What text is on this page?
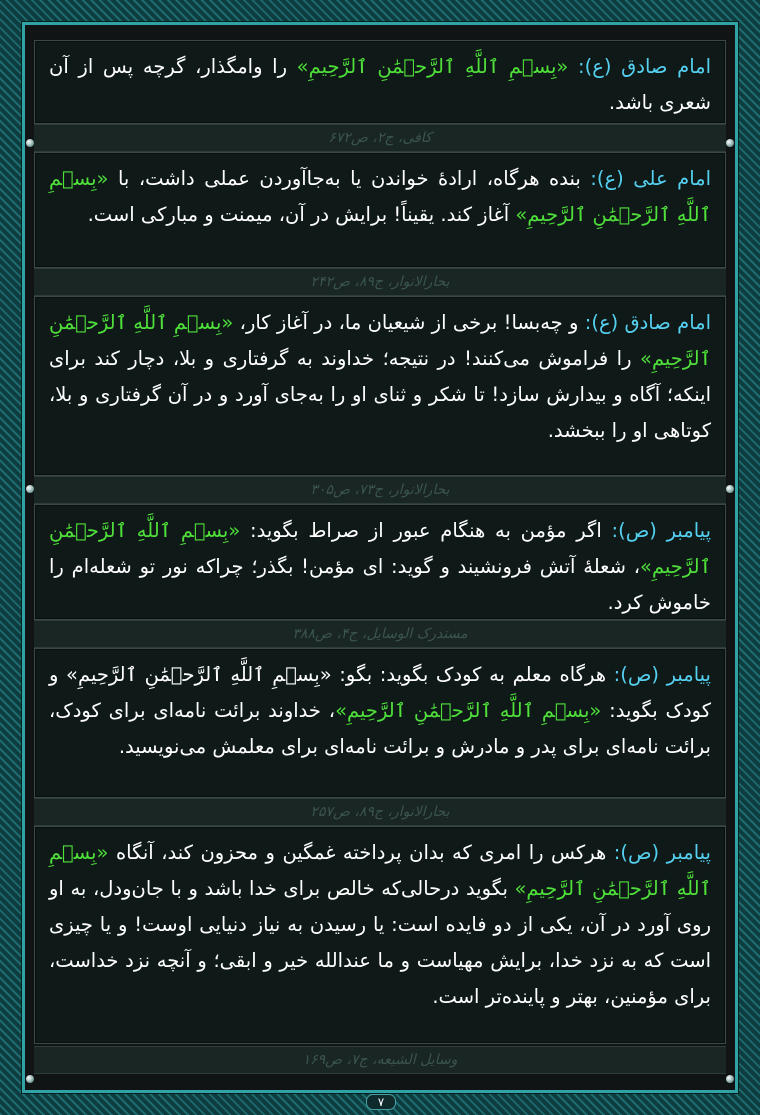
امام صادق (ع): «بِسۡمِ ٱللَّهِ ٱلرَّحۡمَٰنِ ٱلرَّحِيمِ» را وامگذار، گرچه پس از آن شعری باشد.

کافی، ج۲، ص۶۷۲

امام علی (ع): بنده هرگاه، ارادۀ خواندن یا به‌جاآوردن عملی داشت، با «بِسۡمِ ٱللَّهِ ٱلرَّحۡمَٰنِ ٱلرَّحِيمِ» آغاز کند. یقیناً! برایش در آن، میمنت و مبارکی است.

بحارالانوار، ج۸۹، ص۲۴۲

امام صادق (ع): و چه‌بسا! برخی از شیعیان ما، در آغاز کار، «بِسۡمِ ٱللَّهِ ٱلرَّحۡمَٰنِ ٱلرَّحِيمِ» را فراموش می‌کنند! در نتیجه؛ خداوند به گرفتاری و بلا، دچار کند برای اینکه؛ آگاه و بیدارش سازد! تا شکر و ثنای او را به‌جای آورد و در آن گرفتاری و بلا، کوتاهی او را ببخشد.

بحارالانوار، ج۷۳، ص۳۰۵

پیامبر (ص): اگر مؤمن به هنگام عبور از صراط بگوید: «بِسۡمِ ٱللَّهِ ٱلرَّحۡمَٰنِ ٱلرَّحِيمِ»، شعلۀ آتش فرونشیند و گوید: ای مؤمن! بگذر؛ چراکه نور تو شعله‌ام را خاموش کرد.

مستدرک الوسایل، ج۴، ص۳۸۸

پیامبر (ص): هرگاه معلم به کودک بگوید: بگو: «بِسۡمِ ٱللَّهِ ٱلرَّحۡمَٰنِ ٱلرَّحِيمِ» و کودک بگوید: «بِسۡمِ ٱللَّهِ ٱلرَّحۡمَٰنِ ٱلرَّحِيمِ»، خداوند برائت نامه‌ای برای کودک، برائت نامه‌ای برای پدر و مادرش و برائت نامه‌ای برای معلمش می‌نویسید.

بحارالانوار، ج۸۹، ص۲۵۷

پیامبر (ص): هرکس را امری که بدان پرداخته غمگین و محزون کند، آنگاه «بِسۡمِ ٱللَّهِ ٱلرَّحۡمَٰنِ ٱلرَّحِيمِ» بگوید درحالی‌که خالص برای خدا باشد و با جان‌ودل، به او روی آورد در آن، یکی از دو فایده است: یا رسیدن به نیاز دنیایی اوست! و یا چیزی است که به نزد خدا، برایش مهیاست و ما عندالله خیر و ابقی؛ و آنچه نزد خداست، برای مؤمنین، بهتر و پاینده‌تر است.

وسایل الشیعه، ج۷، ص۱۶۹
۷
